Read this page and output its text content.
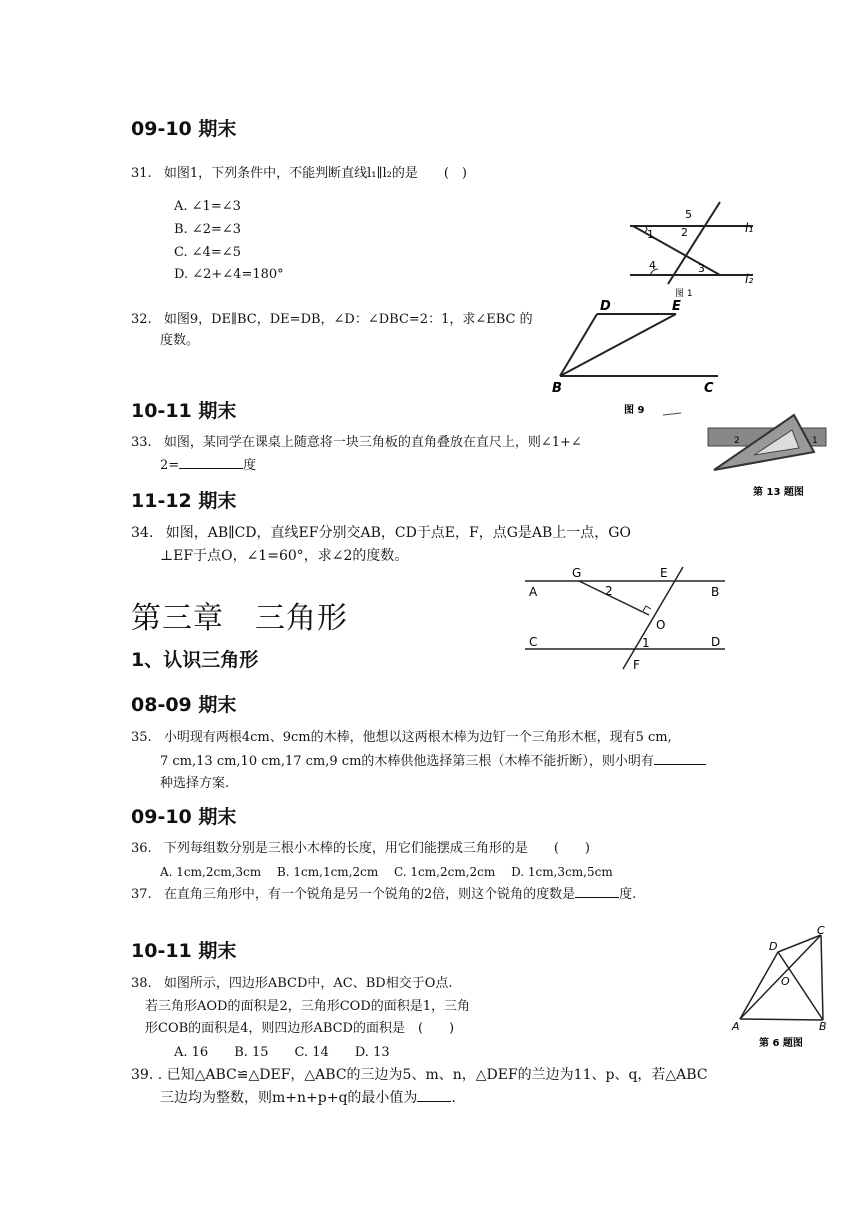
09-10 期末
31. 如图1，下列条件中，不能判断直线l₁∥l₂的是　　(　)
A. ∠1=∠3
B. ∠2=∠3
C. ∠4=∠5
D. ∠2+∠4=180°
1 2
3
4
5
l₁
l₂
图 1
32. 如图9，DE∥BC，DE=DB，∠D：∠DBC=2：1，求∠EBC 的
度数。
D	E
B	C
图 9
10-11 期末
33. 如图，某同学在课桌上随意将一块三角板的直角叠放在直尺上，则∠1+∠
2=	度
2	1
第 13 题图
11-12 期末
34. 如图，AB∥CD，直线EF分别交AB，CD于点E，F，点G是AB上一点，GO
⊥EF于点O，∠1=60°，求∠2的度数。
A	B
C	D
G	E
F
O
1
2
第三章　三角形
1、认识三角形
08-09 期末
35. 小明现有两根4cm、9cm的木棒，他想以这两根木棒为边钉一个三角形木框，现有5 cm,
7 cm,13 cm,10 cm,17 cm,9 cm的木棒供他选择第三根（木棒不能折断），则小明有
种选择方案.
09-10 期末
36. 下列每组数分别是三根小木棒的长度，用它们能摆成三角形的是　　(　　)
A. 1cm,2cm,3cm　 B. 1cm,1cm,2cm　 C. 1cm,2cm,2cm　 D. 1cm,3cm,5cm
37. 在直角三角形中，有一个锐角是另一个锐角的2倍，则这个锐角的度数是	度.
10-11 期末
A	B
C
D
O
第 6 题图
38. 如图所示，四边形ABCD中，AC、BD相交于O点.
若三角形AOD的面积是2，三角形COD的面积是1，三角
形COB的面积是4，则四边形ABCD的面积是　(　　)
A. 16　　B. 15　　C. 14　　D. 13
39. . 已知△ABC≌△DEF，△ABC的三边为5、m、n，△DEF的兰边为11、p、q，若△ABC
三边均为整数，则m+n+p+q的最小值为 .
